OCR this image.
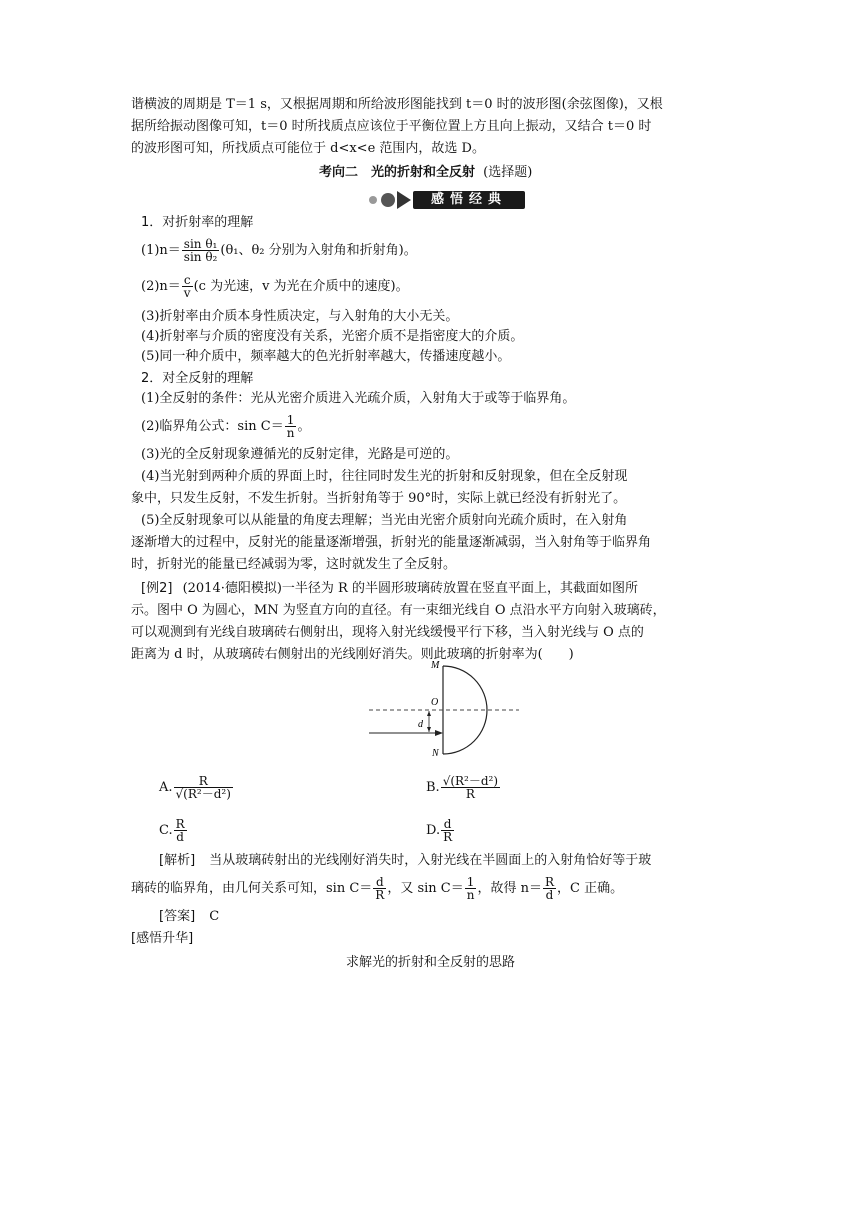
谐横波的周期是 T＝1 s，又根据周期和所给波形图能找到 t＝0 时的波形图(余弦图像)，又根
据所给振动图像可知，t＝0 时所找质点应该位于平衡位置上方且向上振动，又结合 t＝0 时
的波形图可知，所找质点可能位于 d<x<e 范围内，故选 D。
考向二　光的折射和全反射 (选择题)
感悟经典
1．对折射率的理解
$(1)n= \frac{\text{sin θ₁}}{\text{sin θ₂}} (\theta_1$、θ₂ 分别为入射角和折射角)。
$(2)n= \frac{c}{v} (c$ 为光速，v 为光在介质中的速度)。
(3)折射率由介质本身性质决定，与入射角的大小无关。
(4)折射率与介质的密度没有关系，光密介质不是指密度大的介质。
(5)同一种介质中，频率越大的色光折射率越大，传播速度越小。
2．对全反射的理解
(1)全反射的条件：光从光密介质进入光疏介质，入射角大于或等于临界角。
(2)临界角公式：$\sin C= \frac{1}{n}$ 。
(3)光的全反射现象遵循光的反射定律，光路是可逆的。
(4)当光射到两种介质的界面上时，往往同时发生光的折射和反射现象，但在全反射现
象中，只发生反射，不发生折射。当折射角等于 90°时，实际上就已经没有折射光了。
(5)全反射现象可以从能量的角度去理解；当光由光密介质射向光疏介质时，在入射角
逐渐增大的过程中，反射光的能量逐渐增强，折射光的能量逐渐减弱，当入射角等于临界角
时，折射光的能量已经减弱为零，这时就发生了全反射。
[例2] (2014·德阳模拟)一半径为 R 的半圆形玻璃砖放置在竖直平面上，其截面如图所
示。图中 O 为圆心，MN 为竖直方向的直径。有一束细光线自 O 点沿水平方向射入玻璃砖，
可以观测到有光线自玻璃砖右侧射出，现将入射光线缓慢平行下移，当入射光线与 O 点的
距离为 d 时，从玻璃砖右侧射出的光线刚好消失。则此玻璃的折射率为(　　)
M
O
d
N
A. $\frac{R}{\text{√(R²－d²)}}$	B. $\frac{\text{√(R²－d²)}}{R}$
C. $\frac{R}{d}$	D. $\frac{d}{R}$
[解析] 当从玻璃砖射出的光线刚好消失时，入射光线在半圆面上的入射角恰好等于玻
璃砖的临界角，由几何关系可知，$\sin C= \frac{d}{R}$ ，又 $\sin C= \frac{1}{n}$ ，故得 $n= \frac{R}{d}$ ，C 正确。
[答案] C
[感悟升华]
求解光的折射和全反射的思路
